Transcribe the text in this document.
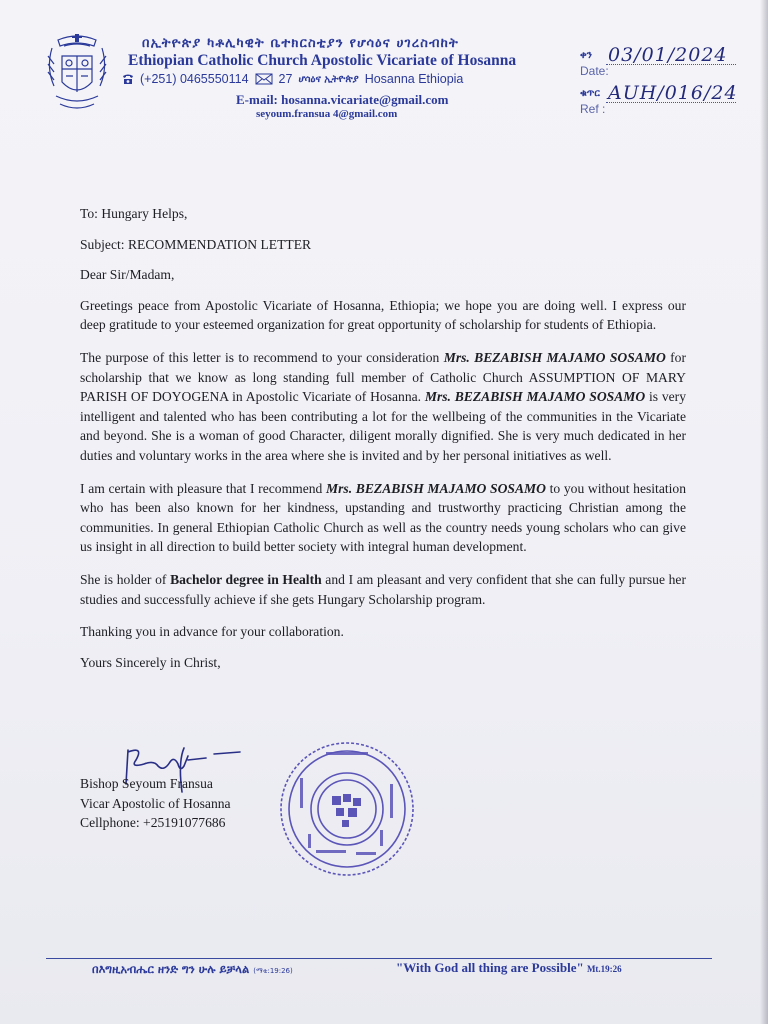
በኢትዮጵያ ካቶሊካዊት ቤተክርስቲያን የሆሳዕና ሀገረስብከት
Ethiopian Catholic Church Apostolic Vicariate of Hosanna
(+251) 0465550114 27 ሆሳዕና ኢትዮጵያ Hosanna Ethiopia
E-mail: hosanna.vicariate@gmail.com
seyoum.fransua 4@gmail.com
ቀን
Date:
03/01/2024
ቁጥር
Ref :
AUH/016/24

To: Hungary Helps,

Subject: RECOMMENDATION LETTER

Dear Sir/Madam,

Greetings peace from Apostolic Vicariate of Hosanna, Ethiopia; we hope you are doing well. I express our deep gratitude to your esteemed organization for great opportunity of scholarship for students of Ethiopia.

The purpose of this letter is to recommend to your consideration Mrs. BEZABISH MAJAMO SOSAMO for scholarship that we know as long standing full member of Catholic Church ASSUMPTION OF MARY PARISH OF DOYOGENA in Apostolic Vicariate of Hosanna. Mrs. BEZABISH MAJAMO SOSAMO is very intelligent and talented who has been contributing a lot for the wellbeing of the communities in the Vicariate and beyond. She is a woman of good Character, diligent morally dignified. She is very much dedicated in her duties and voluntary works in the area where she is invited and by her personal initiatives as well.

I am certain with pleasure that I recommend Mrs. BEZABISH MAJAMO SOSAMO to you without hesitation who has been also known for her kindness, upstanding and trustworthy practicing Christian among the communities. In general Ethiopian Catholic Church as well as the country needs young scholars who can give us insight in all direction to build better society with integral human development.

She is holder of Bachelor degree in Health and I am pleasant and very confident that she can fully pursue her studies and successfully achieve if she gets Hungary Scholarship program.

Thanking you in advance for your collaboration.

Yours Sincerely in Christ,

Bishop Seyoum Fransua
Vicar Apostolic of Hosanna
Cellphone: +25191077686
በእግዚአብሔር ዘንድ ግን ሁሉ ይቻላል (ማቴ:19:26)	"With God all thing are Possible" Mt.19:26
